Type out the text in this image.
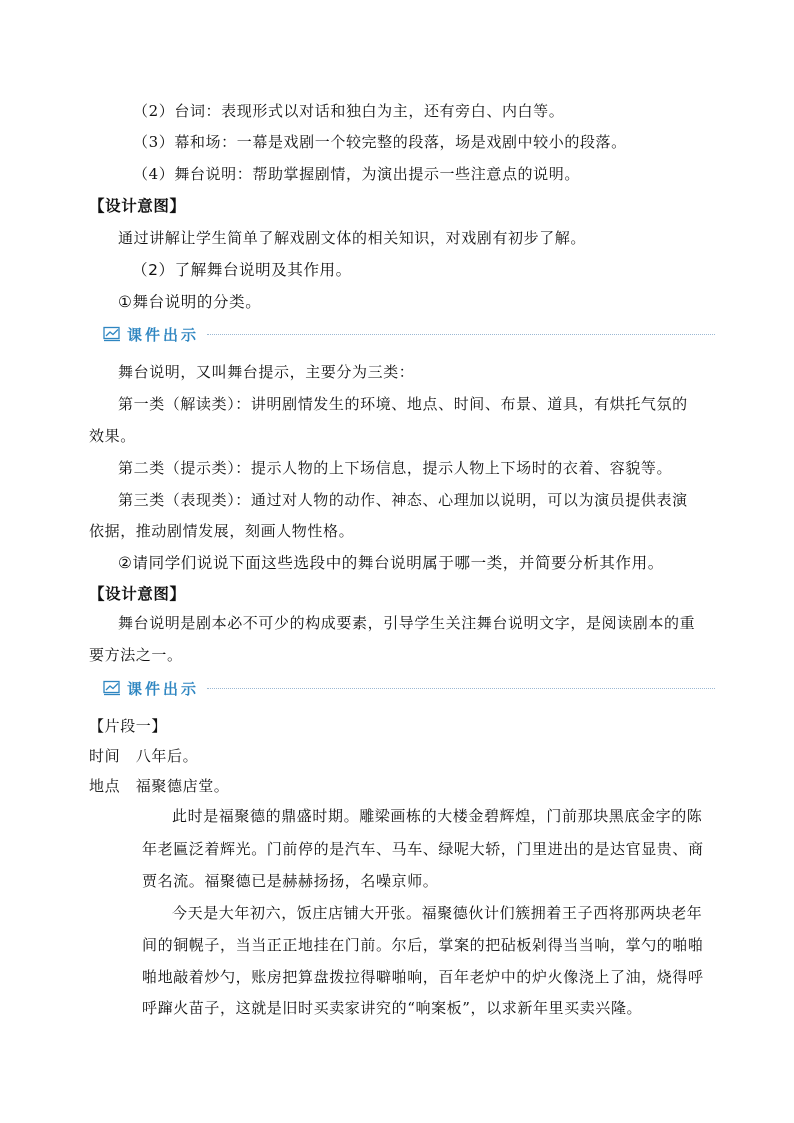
（2）台词：表现形式以对话和独白为主，还有旁白、内白等。
（3）幕和场：一幕是戏剧一个较完整的段落，场是戏剧中较小的段落。
（4）舞台说明：帮助掌握剧情，为演出提示一些注意点的说明。
【设计意图】
通过讲解让学生简单了解戏剧文体的相关知识，对戏剧有初步了解。
（2）了解舞台说明及其作用。
①舞台说明的分类。
课件出示
舞台说明，又叫舞台提示，主要分为三类：
第一类（解读类）：讲明剧情发生的环境、地点、时间、布景、道具，有烘托气氛的
效果。
第二类（提示类）：提示人物的上下场信息，提示人物上下场时的衣着、容貌等。
第三类（表现类）：通过对人物的动作、神态、心理加以说明，可以为演员提供表演
依据，推动剧情发展，刻画人物性格。
②请同学们说说下面这些选段中的舞台说明属于哪一类，并简要分析其作用。
【设计意图】
舞台说明是剧本必不可少的构成要素，引导学生关注舞台说明文字，是阅读剧本的重
要方法之一。
课件出示
【片段一】
时间　八年后。
地点　福聚德店堂。
此时是福聚德的鼎盛时期。雕梁画栋的大楼金碧辉煌，门前那块黑底金字的陈
年老匾泛着辉光。门前停的是汽车、马车、绿呢大轿，门里进出的是达官显贵、商
贾名流。福聚德已是赫赫扬扬，名噪京师。
今天是大年初六，饭庄店铺大开张。福聚德伙计们簇拥着王子西将那两块老年
间的铜幌子，当当正正地挂在门前。尔后，掌案的把砧板剁得当当响，掌勺的啪啪
啪地敲着炒勺，账房把算盘拨拉得噼啪响，百年老炉中的炉火像浇上了油，烧得呼
呼蹿火苗子，这就是旧时买卖家讲究的“响案板”，以求新年里买卖兴隆。
